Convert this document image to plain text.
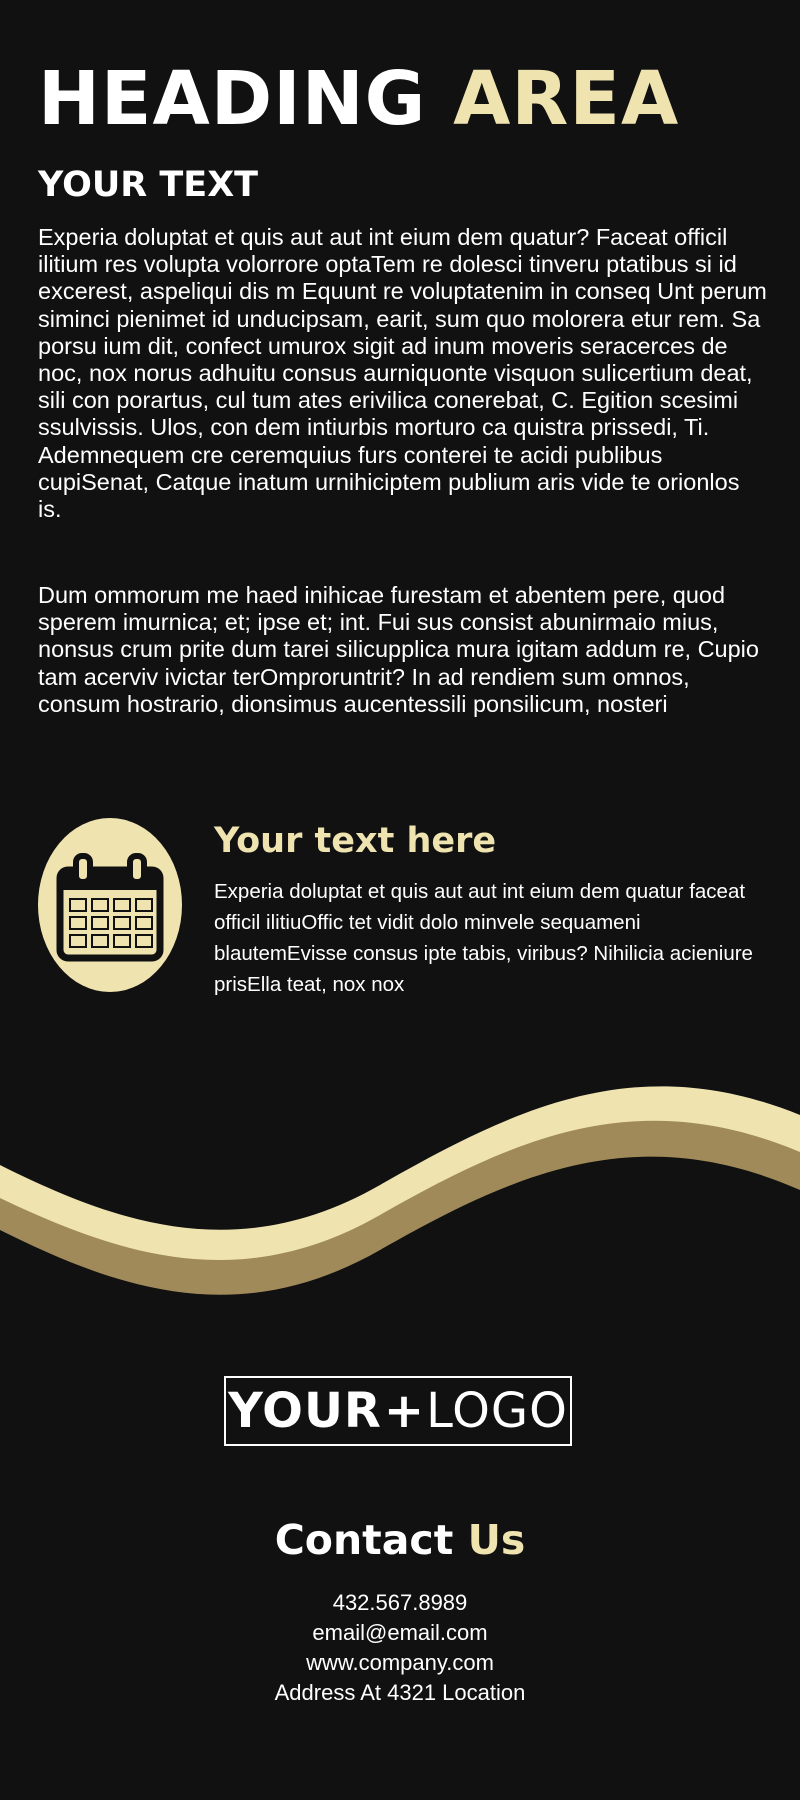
HEADING AREA
YOUR TEXT

Experia doluptat et quis aut aut int eium dem quatur? Faceat officil ilitium res volupta volorrore optaTem re dolesci tinveru ptatibus si id excerest, aspeliqui dis m Equunt re voluptatenim in conseq Unt perum siminci pienimet id unducipsam, earit, sum quo molorera etur rem. Sa porsu ium dit, confect umurox sigit ad inum moveris seracerces de noc, nox norus adhuitu consus aurniquonte visquon sulicertium deat, sili con porartus, cul tum ates erivilica conerebat, C. Egition scesimi ssulvissis. Ulos, con dem intiurbis morturo ca quistra prissedi, Ti. Ademnequem cre ceremquius furs conterei te acidi publibus cupiSenat, Catque inatum urnihiciptem publium aris vide te orionlos is.

Dum ommorum me haed inihicae furestam et abentem pere, quod sperem imurnica; et; ipse et; int. Fui sus consist abunirmaio mius, nonsus crum prite dum tarei silicupplica mura igitam addum re, Cupio tam acerviv ivictar terOmproruntrit? In ad rendiem sum omnos, consum hostrario, dionsimus aucentessili ponsilicum, nosteri

Your text here

Experia doluptat et quis aut aut int eium dem quatur faceat officil ilitiuOffic tet vidit dolo minvele sequameni blautemEvisse consus ipte tabis, viribus? Nihilicia acieniure prisElla teat, nox nox

YOUR + LOGO
Contact Us
432.567.8989
email@email.com
www.company.com
Address At 4321 Location
